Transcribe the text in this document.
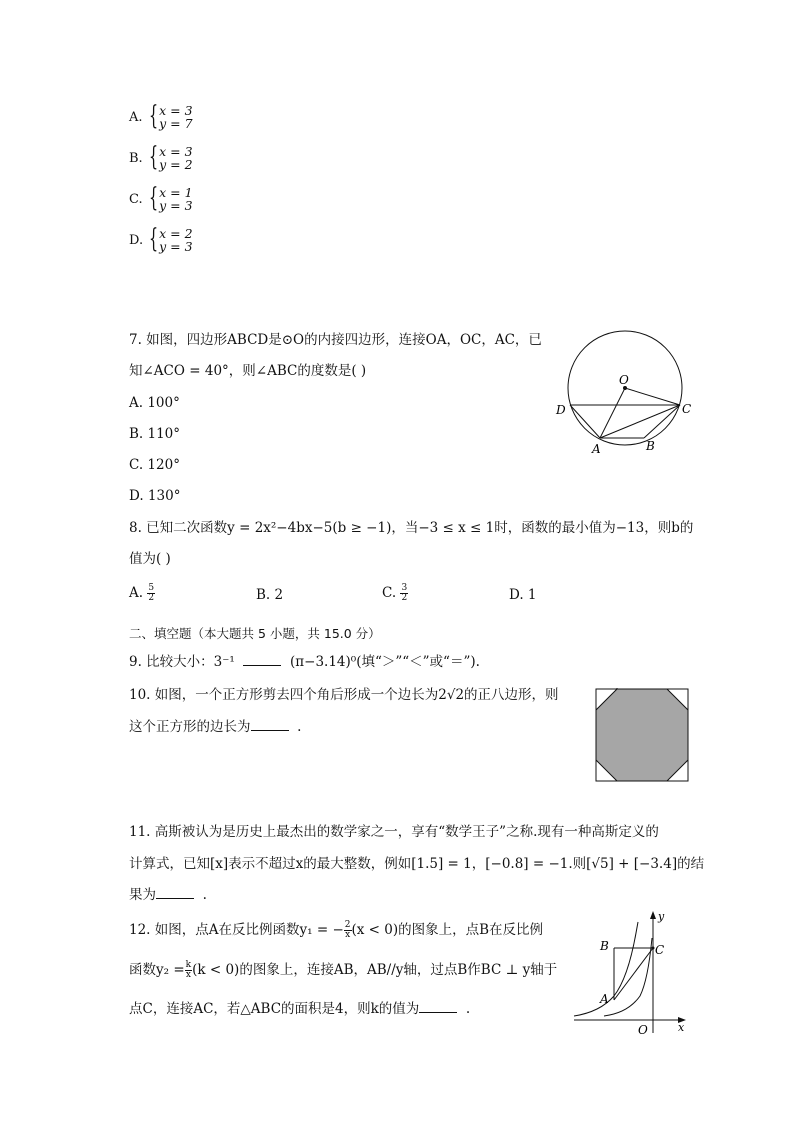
A. { x = 3
y = 7
B. { x = 3
y = 2
C. { x = 1
y = 3
D. { x = 2
y = 3
7. 如图，四边形ABCD是⊙O的内接四边形，连接OA，OC，AC，已
知∠ACO = 40°，则∠ABC的度数是( )
A. 100°
B. 110°
C. 120°
D. 130°
O
D	C
A	B
8. 已知二次函数y = 2x²−4bx−5(b ≥ −1)，当−3 ≤ x ≤ 1时，函数的最小值为−13，则b的
值为( )
A. $\frac{5}{2}$	B. 2	C. $\frac{3}{2}$	D. 1
二、填空题（本大题共 5 小题，共 15.0 分）
9. 比较大小：3⁻¹	(π−3.14)⁰(填“＞”“＜”或“＝”).
10. 如图，一个正方形剪去四个角后形成一个边长为2√2的正八边形，则
这个正方形的边长为	.
11. 高斯被认为是历史上最杰出的数学家之一，享有“数学王子”之称.现有一种高斯定义的
计算式，已知[x]表示不超过x的最大整数，例如[1.5] = 1，[−0.8] = −1.则[√5] + [−3.4]的结
果为	.
12. 如图，点A在反比例函数y₁ = − $\frac{2}{x} (x < 0)$的图象上，点B在反比例
函数$y_2 = \frac{k}{x} (k < 0)$的图象上，连接AB，AB//y轴，过点B作BC ⊥ y轴于
点C，连接AC，若△ABC的面积是4，则k的值为	.
y
x
B	C
A
O
